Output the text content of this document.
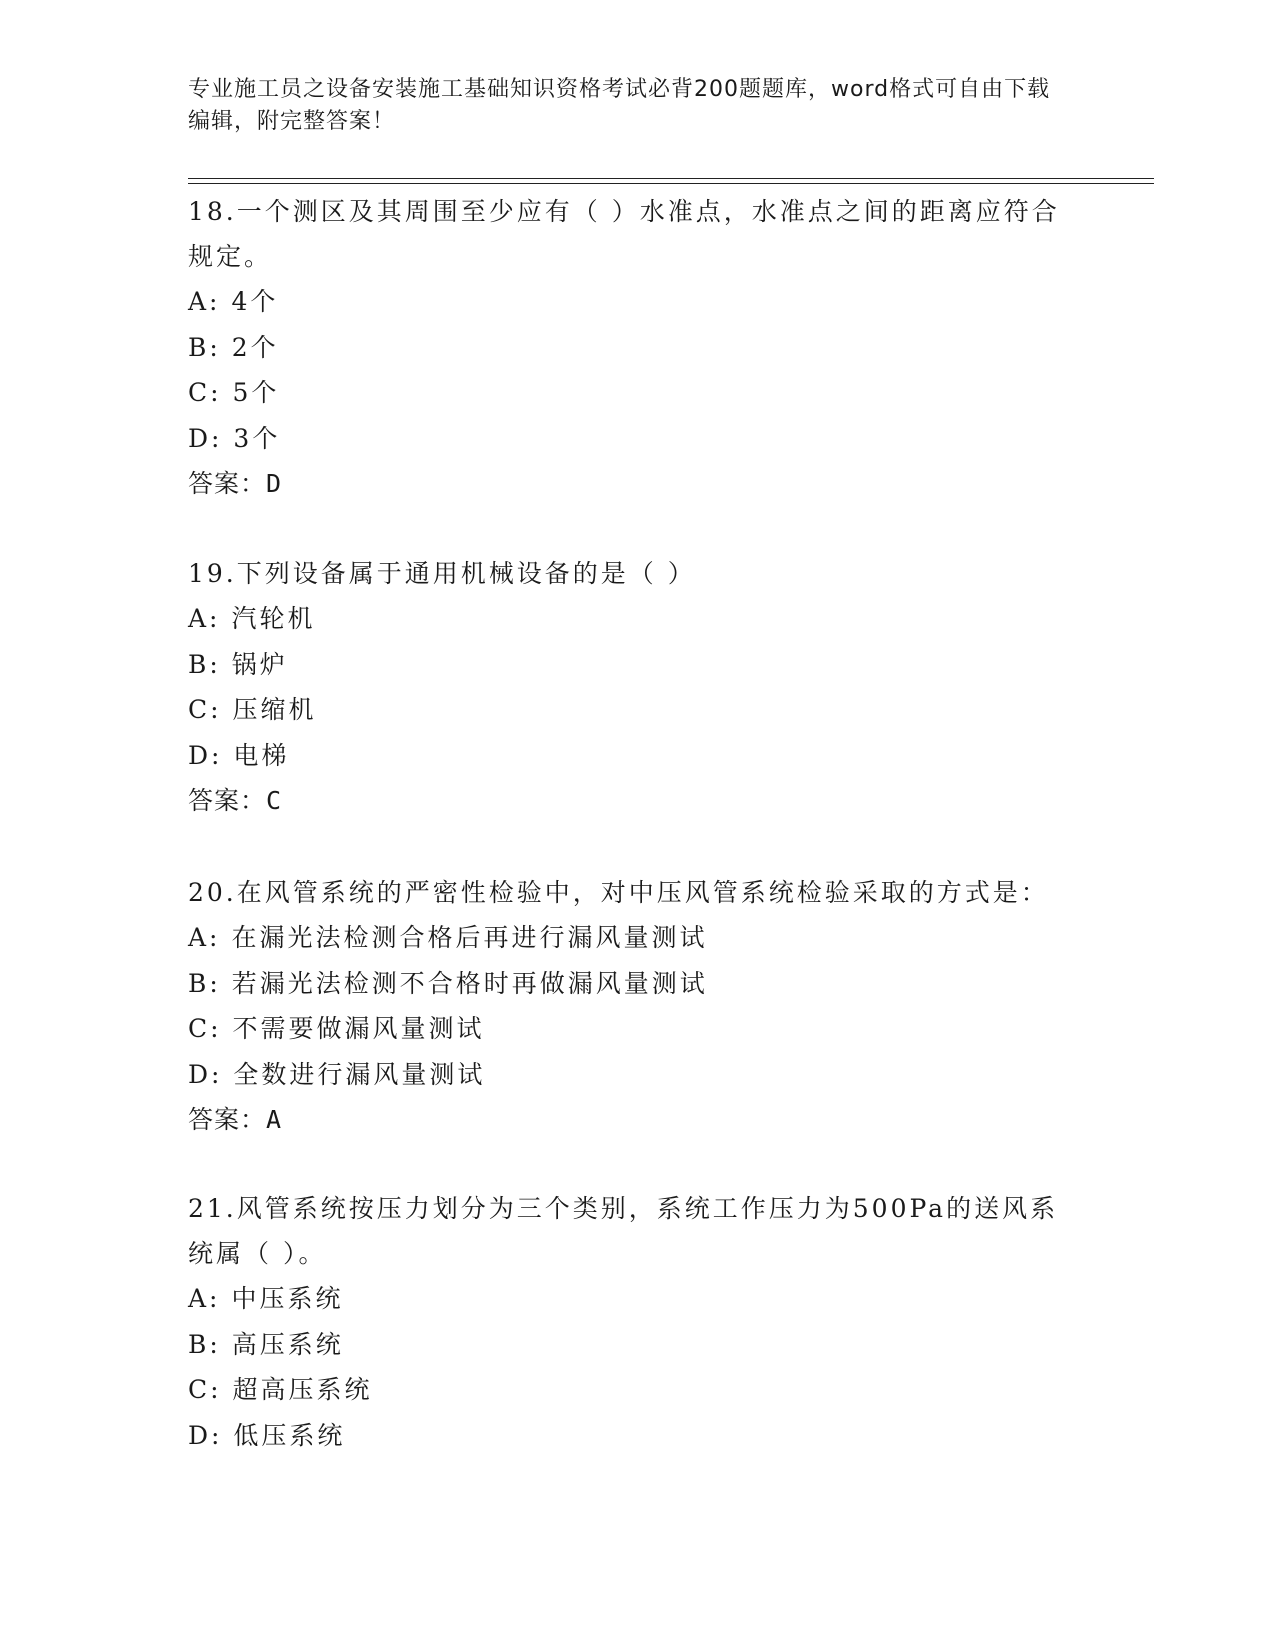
专业施工员之设备安装施工基础知识资格考试必背200题题库，word格式可自由下载编辑，附完整答案！
18.一个测区及其周围至少应有（ ）水准点，水准点之间的距离应符合规定。
A: 4个
B: 2个
C: 5个
D: 3个
答案：D
19.下列设备属于通用机械设备的是（ ）
A: 汽轮机
B: 锅炉
C: 压缩机
D: 电梯
答案：C
20.在风管系统的严密性检验中，对中压风管系统检验采取的方式是：
A: 在漏光法检测合格后再进行漏风量测试
B: 若漏光法检测不合格时再做漏风量测试
C: 不需要做漏风量测试
D: 全数进行漏风量测试
答案：A
21.风管系统按压力划分为三个类别，系统工作压力为500Pa的送风系统属（ ）。
A: 中压系统
B: 高压系统
C: 超高压系统
D: 低压系统
